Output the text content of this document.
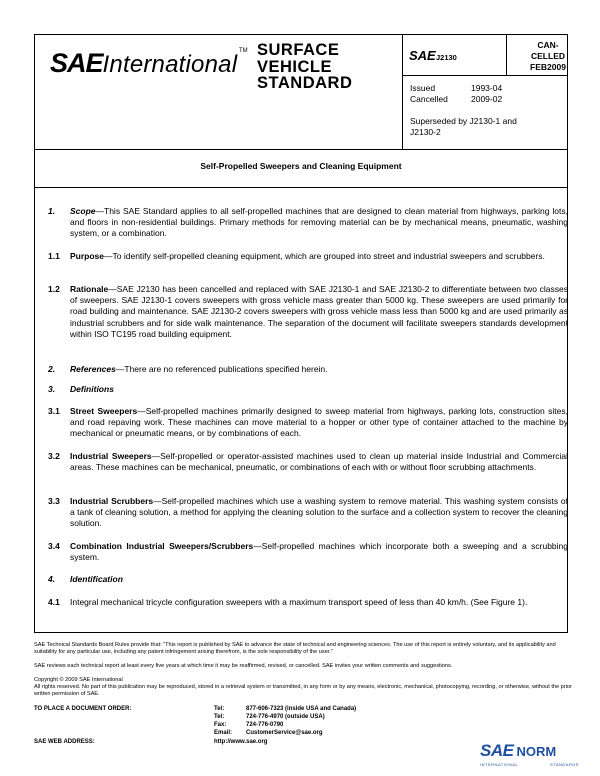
SAEInternational TM SURFACE
VEHICLE
STANDARD
SAE J2130
CAN-
CELLED
FEB2009
Issued	1993-04
Cancelled	2009-02
Superseded by J2130-1 and
J2130-2
Self-Propelled Sweepers and Cleaning Equipment
1. Scope—This SAE Standard applies to all self-propelled machines that are designed to clean material from highways, parking lots, and floors in non-residential buildings. Primary methods for removing material can be by mechanical means, pneumatic, washing system, or a combination.
1.1 Purpose—To identify self-propelled cleaning equipment, which are grouped into street and industrial sweepers and scrubbers.
1.2 Rationale—SAE J2130 has been cancelled and replaced with SAE J2130-1 and SAE J2130-2 to differentiate between two classes of sweepers. SAE J2130-1 covers sweepers with gross vehicle mass greater than 5000 kg. These sweepers are used primarily for road building and maintenance. SAE J2130-2 covers sweepers with gross vehicle mass less than 5000 kg and are used primarily as industrial scrubbers and for side walk maintenance. The separation of the document will facilitate sweepers standards development within ISO TC195 road building equipment.
2. References—There are no referenced publications specified herein.
3. Definitions
3.1 Street Sweepers—Self-propelled machines primarily designed to sweep material from highways, parking lots, construction sites, and road repaving work. These machines can move material to a hopper or other type of container attached to the machine by mechanical or pneumatic means, or by combinations of each.
3.2 Industrial Sweepers—Self-propelled or operator-assisted machines used to clean up material inside Industrial and Commercial areas. These machines can be mechanical, pneumatic, or combinations of each with or without floor scrubbing attachments.
3.3 Industrial Scrubbers—Self-propelled machines which use a washing system to remove material. This washing system consists of a tank of cleaning solution, a method for applying the cleaning solution to the surface and a collection system to recover the cleaning solution.
3.4 Combination Industrial Sweepers/Scrubbers—Self-propelled machines which incorporate both a sweeping and a scrubbing system.
4. Identification
4.1 Integral mechanical tricycle configuration sweepers with a maximum transport speed of less than 40 km/h. (See Figure 1).
SAE Technical Standards Board Rules provide that: “This report is published by SAE to advance the state of technical and engineering sciences. The use of this report is entirely voluntary, and its applicability and suitability for any particular use, including any patent infringement arising therefrom, is the sole responsibility of the user.”
SAE reviews each technical report at least every five years at which time it may be reaffirmed, revised, or cancelled. SAE invites your written comments and suggestions.
Copyright © 2009 SAE International
All rights reserved. No part of this publication may be reproduced, stored in a retrieval system or transmitted, in any form or by any means, electronic, mechanical, photocopying, recording, or otherwise, without the prior written permission of SAE.
TO PLACE A DOCUMENT ORDER:	Tel:	877-606-7323 (inside USA and Canada)
Tel:	724-776-4970 (outside USA)
Fax:	724-776-0790
Email: CustomerService@sae.org
SAE WEB ADDRESS:	http://www.sae.org	SAE NORM
INTERNATIONAL	STANDARDS
